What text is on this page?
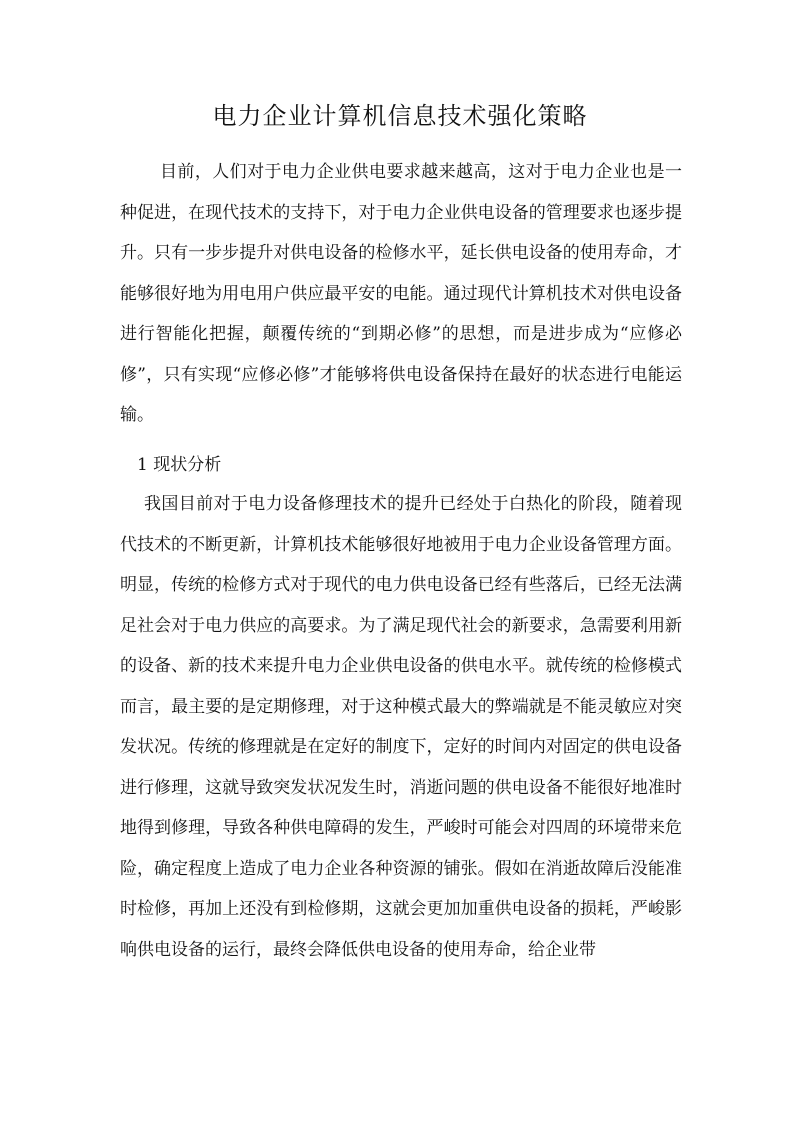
电力企业计算机信息技术强化策略

目前，人们对于电力企业供电要求越来越高，这对于电力企业也是一种促进，在现代技术的支持下，对于电力企业供电设备的管理要求也逐步提升。只有一步步提升对供电设备的检修水平，延长供电设备的使用寿命，才能够很好地为用电用户供应最平安的电能。通过现代计算机技术对供电设备进行智能化把握，颠覆传统的“到期必修”的思想，而是进步成为“应修必修”，只有实现“应修必修”才能够将供电设备保持在最好的状态进行电能运输。

1 现状分析

我国目前对于电力设备修理技术的提升已经处于白热化的阶段，随着现代技术的不断更新，计算机技术能够很好地被用于电力企业设备管理方面。明显，传统的检修方式对于现代的电力供电设备已经有些落后，已经无法满足社会对于电力供应的高要求。为了满足现代社会的新要求，急需要利用新的设备、新的技术来提升电力企业供电设备的供电水平。就传统的检修模式而言，最主要的是定期修理，对于这种模式最大的弊端就是不能灵敏应对突发状况。传统的修理就是在定好的制度下，定好的时间内对固定的供电设备进行修理，这就导致突发状况发生时，消逝问题的供电设备不能很好地准时地得到修理，导致各种供电障碍的发生，严峻时可能会对四周的环境带来危险，确定程度上造成了电力企业各种资源的铺张。假如在消逝故障后没能准时检修，再加上还没有到检修期，这就会更加加重供电设备的损耗，严峻影响供电设备的运行，最终会降低供电设备的使用寿命，给企业带
